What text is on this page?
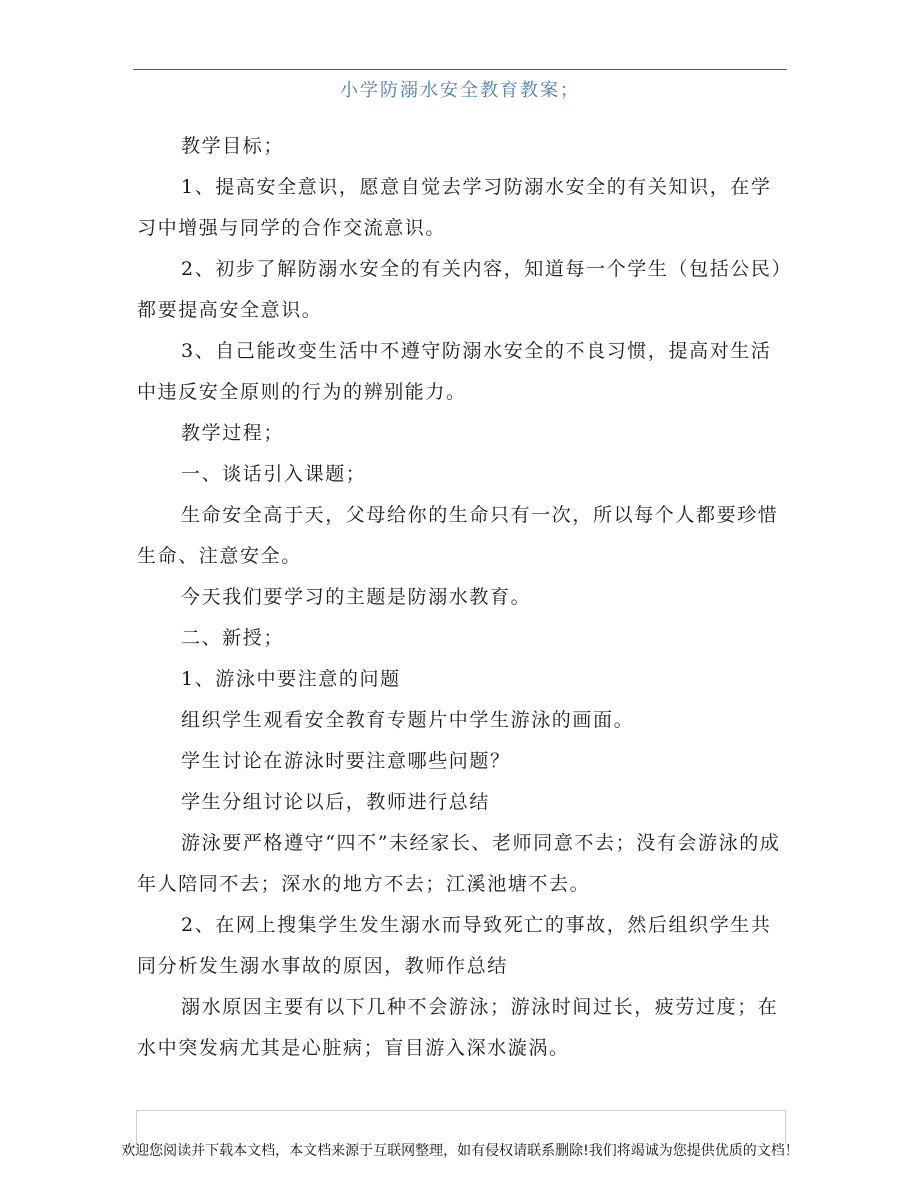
小学防溺水安全教育教案；

教学目标；

1、提高安全意识，愿意自觉去学习防溺水安全的有关知识，在学习中增强与同学的合作交流意识。

2、初步了解防溺水安全的有关内容，知道每一个学生（包括公民）都要提高安全意识。

3、自己能改变生活中不遵守防溺水安全的不良习惯，提高对生活中违反安全原则的行为的辨别能力。

教学过程；

一、谈话引入课题；

生命安全高于天，父母给你的生命只有一次，所以每个人都要珍惜生命、注意安全。

今天我们要学习的主题是防溺水教育。

二、新授；

1、游泳中要注意的问题

组织学生观看安全教育专题片中学生游泳的画面。

学生讨论在游泳时要注意哪些问题？

学生分组讨论以后，教师进行总结

游泳要严格遵守“四不”未经家长、老师同意不去；没有会游泳的成年人陪同不去；深水的地方不去；江溪池塘不去。

2、在网上搜集学生发生溺水而导致死亡的事故，然后组织学生共同分析发生溺水事故的原因，教师作总结

溺水原因主要有以下几种不会游泳；游泳时间过长，疲劳过度；在水中突发病尤其是心脏病；盲目游入深水漩涡。

欢迎您阅读并下载本文档，本文档来源于互联网整理，如有侵权请联系删除!我们将竭诚为您提供优质的文档！
